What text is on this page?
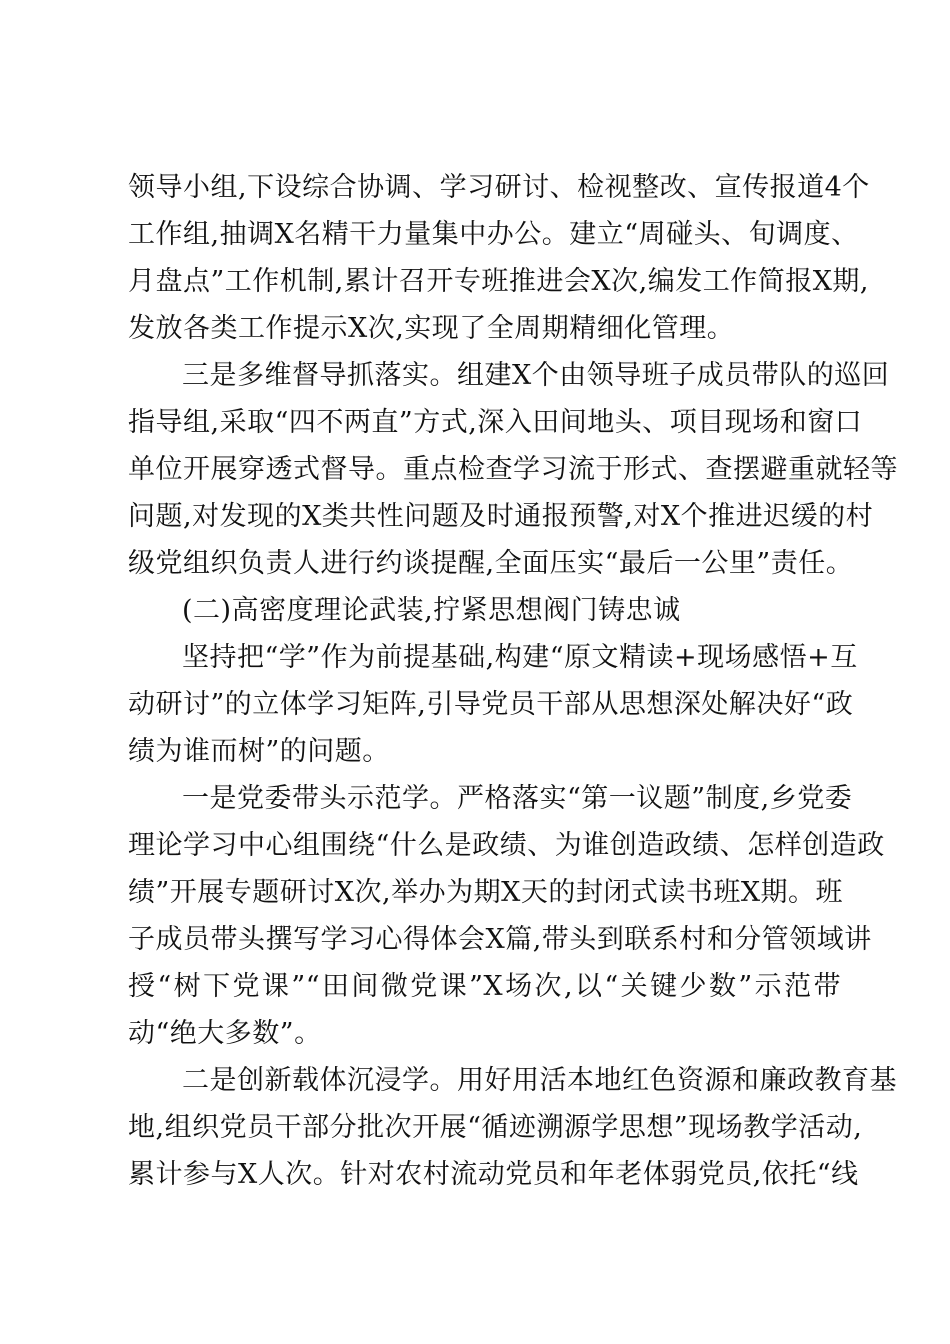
领导小组,下设综合协调、学习研讨、检视整改、宣传报道4个
工作组,抽调X名精干力量集中办公。建立“周碰头、旬调度、
月盘点”工作机制,累计召开专班推进会X次,编发工作简报X期,
发放各类工作提示X次,实现了全周期精细化管理。
三是多维督导抓落实。组建X个由领导班子成员带队的巡回
指导组,采取“四不两直”方式,深入田间地头、项目现场和窗口
单位开展穿透式督导。重点检查学习流于形式、查摆避重就轻等
问题,对发现的X类共性问题及时通报预警,对X个推进迟缓的村
级党组织负责人进行约谈提醒,全面压实“最后一公里”责任。
(二)高密度理论武装,拧紧思想阀门铸忠诚
坚持把“学”作为前提基础,构建“原文精读+现场感悟+互
动研讨”的立体学习矩阵,引导党员干部从思想深处解决好“政
绩为谁而树”的问题。
一是党委带头示范学。严格落实“第一议题”制度,乡党委
理论学习中心组围绕“什么是政绩、为谁创造政绩、怎样创造政
绩”开展专题研讨X次,举办为期X天的封闭式读书班X期。班
子成员带头撰写学习心得体会X篇,带头到联系村和分管领域讲
授“树下党课”“田间微党课”X场次,以“关键少数”示范带
动“绝大多数”。
二是创新载体沉浸学。用好用活本地红色资源和廉政教育基
地,组织党员干部分批次开展“循迹溯源学思想”现场教学活动,
累计参与X人次。针对农村流动党员和年老体弱党员,依托“线
